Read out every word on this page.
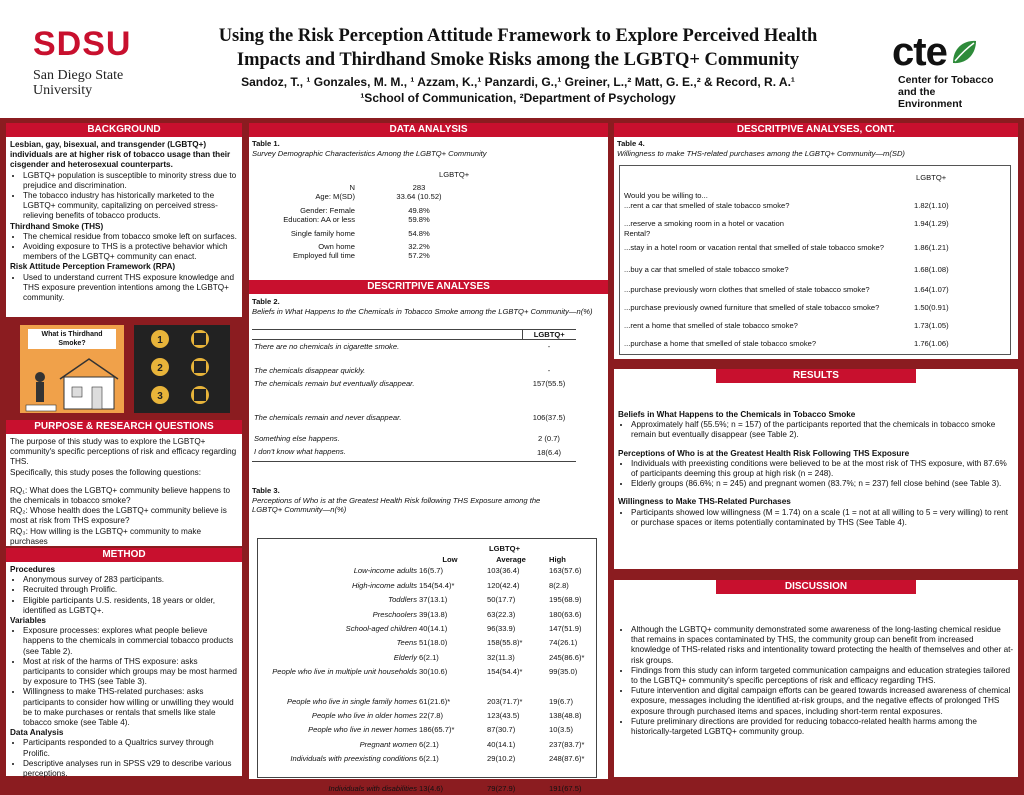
SDSU
San Diego State
University
Using the Risk Perception Attitude Framework to Explore Perceived Health
Impacts and Thirdhand Smoke Risks among the LGBTQ+ Community
Sandoz, T., ¹ Gonzales, M. M., ¹ Azzam, K.,¹ Panzardi, G.,¹ Greiner, L.,² Matt, G. E.,² & Record, R. A.¹
¹School of Communication, ²Department of Psychology
cte
Center for Tobacco
and the Environment
BACKGROUND
Lesbian, gay, bisexual, and transgender (LGBTQ+) individuals are at higher risk of tobacco usage than their cisgender and heterosexual counterparts.
• LGBTQ+ population is susceptible to minority stress due to prejudice and discrimination.
• The tobacco industry has historically marketed to the LGBTQ+ community, capitalizing on perceived stress-relieving benefits of tobacco products.
Thirdhand Smoke (THS)
• The chemical residue from tobacco smoke left on surfaces.
• Avoiding exposure to THS is a protective behavior which members of the LGBTQ+ community can enact.
Risk Attitude Perception Framework (RPA)
• Used to understand current THS exposure knowledge and THS exposure prevention intentions among the LGBTQ+ community.
What is Thirdhand Smoke?	1
2
3
PURPOSE & RESEARCH QUESTIONS
The purpose of this study was to explore the LGBTQ+ community's specific perceptions of risk and efficacy regarding THS.
Specifically, this study poses the following questions:
RQ₁: What does the LGBTQ+ community believe happens to the chemicals in tobacco smoke?
RQ₂: Whose health does the LGBTQ+ community believe is most at risk from THS exposure?
RQ₃: How willing is the LGBTQ+ community to make purchases
METHOD
Procedures
• Anonymous survey of 283 participants.
• Recruited through Prolific.
• Eligible participants U.S. residents, 18 years or older, identified as LGBTQ+.
Variables
• Exposure processes: explores what people believe happens to the chemicals in commercial tobacco products (see Table 2).
• Most at risk of the harms of THS exposure: asks participants to consider which groups may be most harmed by exposure to THS (see Table 3).
• Willingness to make THS-related purchases: asks participants to consider how willing or unwilling they would be to make purchases or rentals that smells like stale tobacco smoke (see Table 4).
Data Analysis
• Participants responded to a Qualtrics survey through Prolific.
• Descriptive analyses run in SPSS v29 to describe various perceptions.
DATA ANALYSIS
Table 1.
Survey Demographic Characteristics Among the LGBTQ+ Community

LGBTQ+
N	283
Age: M(SD)	33.64 (10.52)
Gender: Female	49.8%
Education: AA or less	59.8%
Single family home	54.8%
Own home	32.2%
Employed full time	57.2%
DESCRITPIVE ANALYSES
Table 2.
Beliefs in What Happens to the Chemicals in Tobacco Smoke among the LGBTQ+ Community—n(%)
	LGBTQ+
There are no chemicals in cigarette smoke.	-
The chemicals disappear quickly.	-
The chemicals remain but eventually disappear.	157(55.5)
The chemicals remain and never disappear.	106(37.5)
Something else happens.	2 (0.7)
I don't know what happens.	18(6.4)
Table 3.
Perceptions of Who is at the Greatest Health Risk following THS Exposure among the LGBTQ+ Community—n(%)
LGBTQ+
	Low	Average	High
Low-income adults	16(5.7)	103(36.4)	163(57.6)
High-income adults	154(54.4)*	120(42.4)	8(2.8)
Toddlers	37(13.1)	50(17.7)	195(68.9)
Preschoolers	39(13.8)	63(22.3)	180(63.6)
School-aged children	40(14.1)	96(33.9)	147(51.9)
Teens	51(18.0)	158(55.8)*	74(26.1)
Elderly	6(2.1)	32(11.3)	245(86.6)*
People who live in multiple unit households	30(10.6)	154(54.4)*	99(35.0)
People who live in single family homes	61(21.6)*	203(71.7)*	19(6.7)
People who live in older homes	22(7.8)	123(43.5)	138(48.8)
People who live in newer homes	186(65.7)*	87(30.7)	10(3.5)
Pregnant women	6(2.1)	40(14.1)	237(83.7)*
Individuals with preexisting conditions	6(2.1)	29(10.2)	248(87.6)*
Individuals with disabilities	13(4.6)	79(27.9)	191(67.5)
DESCRITPIVE ANALYSES, CONT.
Table 4.
Willingness to make THS-related purchases among the LGBTQ+ Community—m(SD)
LGBTQ+
Would you be willing to...
Rental?
...rent a car that smelled of stale tobacco smoke?	1.82(1.10)
...reserve a smoking room in a hotel or vacation	1.94(1.29)
...stay in a hotel room or vacation rental that smelled of stale tobacco smoke?	1.86(1.21)
...buy a car that smelled of stale tobacco smoke?	1.68(1.08)
...purchase previously worn clothes that smelled of stale tobacco smoke?	1.64(1.07)
...purchase previously owned furniture that smelled of stale tobacco smoke?	1.50(0.91)
...rent a home that smelled of stale tobacco smoke?	1.73(1.05)
...purchase a home that smelled of stale tobacco smoke?	1.76(1.06)
RESULTS
Beliefs in What Happens to the Chemicals in Tobacco Smoke
• Approximately half (55.5%; n = 157) of the participants reported that the chemicals in tobacco smoke remain but eventually disappear (see Table 2).
Perceptions of Who is at the Greatest Health Risk Following THS Exposure
• Individuals with preexisting conditions were believed to be at the most risk of THS exposure, with 87.6% of participants deeming this group at high risk (n = 248).
• Elderly groups (86.6%; n = 245) and pregnant women (83.7%; n = 237) fell close behind (see Table 3).
Willingness to Make THS-Related Purchases
• Participants showed low willingness (M = 1.74) on a scale (1 = not at all willing to 5 = very willing) to rent or purchase spaces or items potentially contaminated by THS (See Table 4).
DISCUSSION
• Although the LGBTQ+ community demonstrated some awareness of the long-lasting chemical residue that remains in spaces contaminated by THS, the community group can benefit from increased knowledge of THS-related risks and intentionality toward protecting the health of themselves and other at-risk groups.
• Findings from this study can inform targeted communication campaigns and education strategies tailored to the LGBTQ+ community's specific perceptions of risk and efficacy regarding THS.
• Future intervention and digital campaign efforts can be geared towards increased awareness of chemical exposure, messages including the identified at-risk groups, and the negative effects of prolonged THS exposure through purchased items and spaces, including short-term rental exposures.
• Future preliminary directions are provided for reducing tobacco-related health harms among the historically-targeted LGBTQ+ community group.
